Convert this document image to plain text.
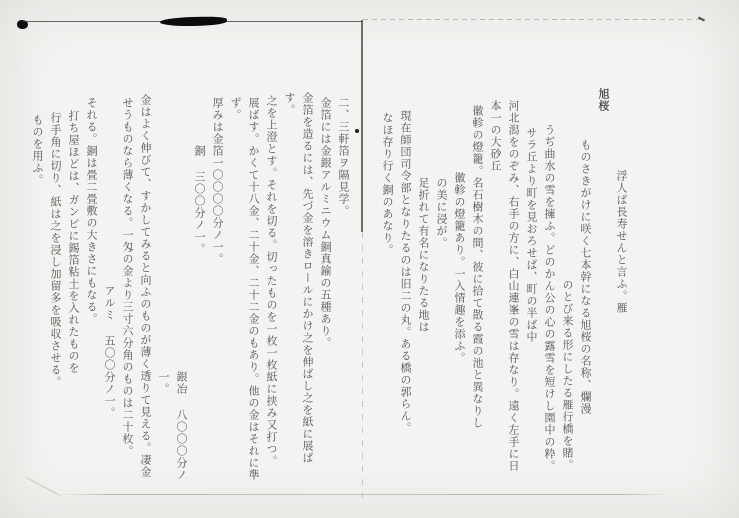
浮人ば長寿せんと言ふ。雁

旭桜

ものさきがけに咲く七本幹になる旭桜の名称、爛漫

のとび来る形にしたる雁行橋を賭。

うぢ曲水の雪を擁ふ。どのかん公の心の露雪を短けし園中の粋。

サラ丘より町を見おろせば、町の半ば中

河北潟をのぞみ、右手の方に、白山連峯の雪は存なり。遠く左手に日本一の大砂丘

徽軫の燈籠。名石樹木の間、彼に拾て散る霞の池と異なりし

徽軫の燈籠あり。一入情趣を添ふ。

の美に浸が。

足折れて有名になりたる地は

現在師団司令部となりたるのは旧二の丸。ある橋の郭らん。

なほ存り行く銅のあなり。

二、三軒箔ヲ隔見学。

金箔には金銀アルミニウム銅真鍮の五種あり。

金箔を造るには、先づ金を溶きロールにかけ之を伸ばし之を紙に展ばす。

之を上澄とす。それを切る。切ったものを一枚一枚紙に挟み又打つ。

展ばす。かくて十八金、二十金、二十二金のもあり。他の金はそれに準ず。

厚みは金箔一〇〇〇〇分ノ一。

銅 三〇〇分ノ一。

銀冶 八〇〇〇分ノ一。

金はよく伸びて、すかしてみると向ふのものが薄く透りて見える。凄金

せうものなら薄くなる。一匁の金より三寸六分角のものは二十枚。

アルミ 五〇〇分ノ一。

それる。銅は畳二畳敷の大きさにもなる。

打ち屋ほどは、ガンピに錫箔粘土を入れたものを

行手角に切り、紙は之を浸し加留多を吸収させる。

ものを用ふ。
